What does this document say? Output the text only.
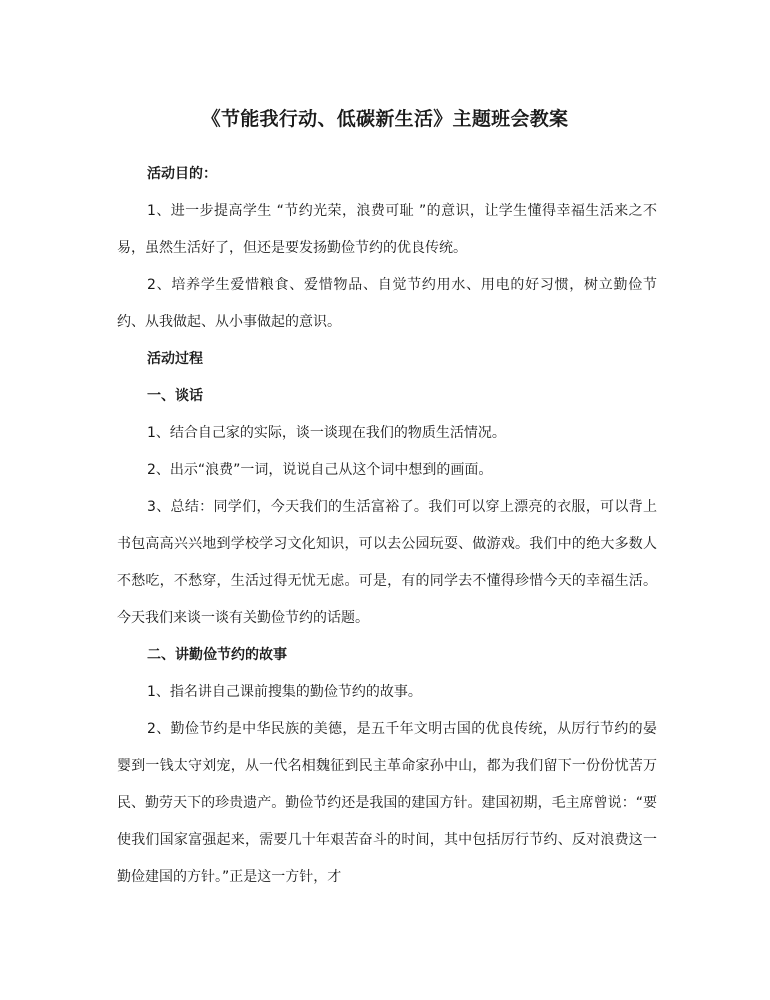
《节能我行动、低碳新生活》主题班会教案

活动目的：

1、进一步提高学生 “节约光荣，浪费可耻 ”的意识，让学生懂得幸福生活来之不易，虽然生活好了，但还是要发扬勤俭节约的优良传统。

2、培养学生爱惜粮食、爱惜物品、自觉节约用水、用电的好习惯，树立勤俭节约、从我做起、从小事做起的意识。

活动过程

一、谈话

1、结合自己家的实际，谈一谈现在我们的物质生活情况。

2、出示“浪费”一词，说说自己从这个词中想到的画面。

3、总结：同学们，今天我们的生活富裕了。我们可以穿上漂亮的衣服，可以背上书包高高兴兴地到学校学习文化知识，可以去公园玩耍、做游戏。我们中的绝大多数人不愁吃，不愁穿，生活过得无忧无虑。可是，有的同学去不懂得珍惜今天的幸福生活。今天我们来谈一谈有关勤俭节约的话题。

二、讲勤俭节约的故事

1、指名讲自己课前搜集的勤俭节约的故事。

2、勤俭节约是中华民族的美德，是五千年文明古国的优良传统，从厉行节约的晏婴到一钱太守刘宠，从一代名相魏征到民主革命家孙中山，都为我们留下一份份忧苦万民、勤劳天下的珍贵遗产。勤俭节约还是我国的建国方针。建国初期，毛主席曾说：“要使我们国家富强起来，需要几十年艰苦奋斗的时间，其中包括厉行节约、反对浪费这一勤俭建国的方针。”正是这一方针，才
